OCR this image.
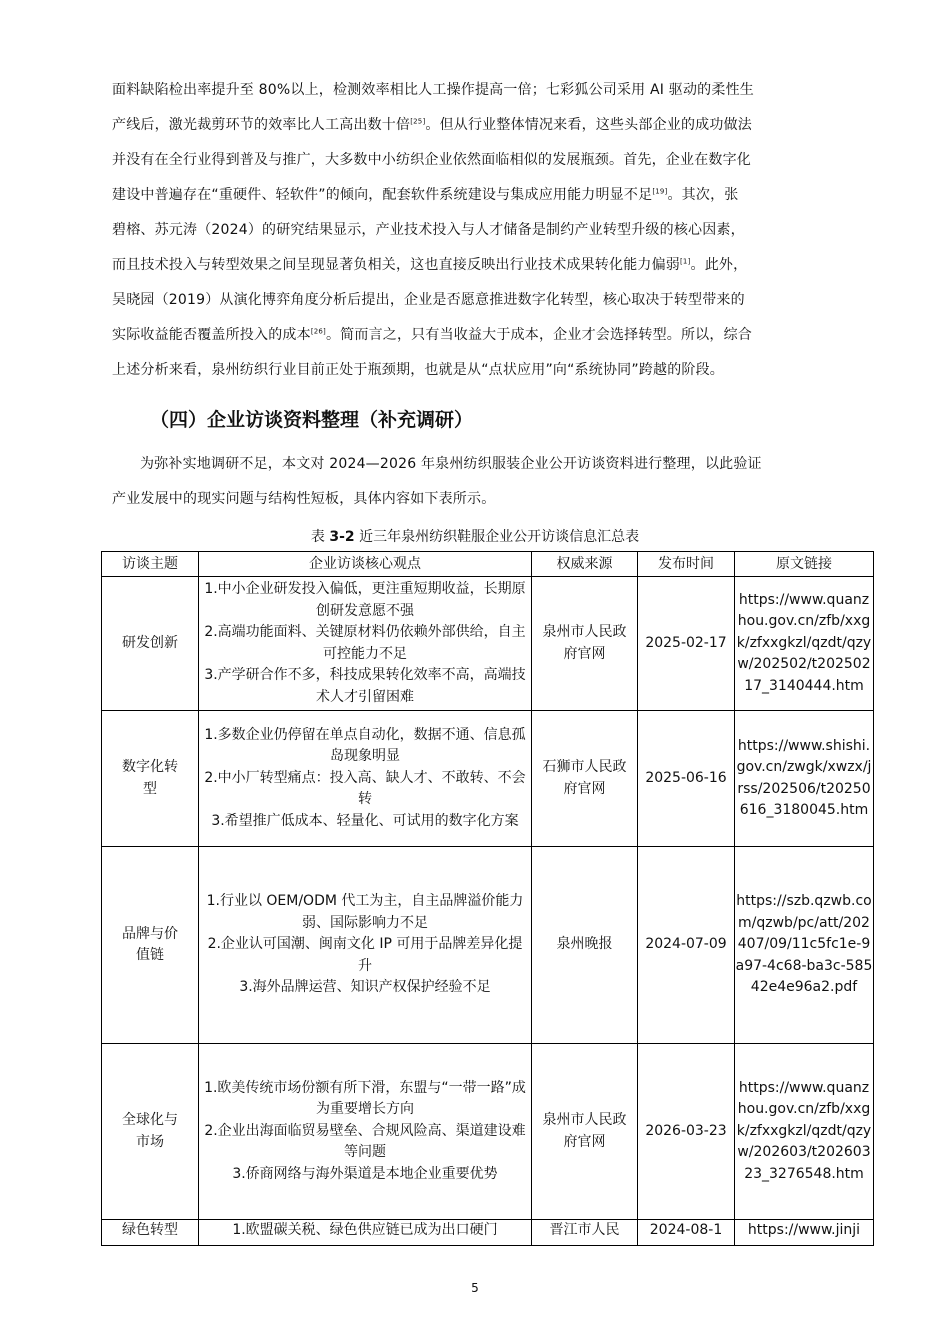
面料缺陷检出率提升至 80%以上，检测效率相比人工操作提高一倍；七彩狐公司采用 AI 驱动的柔性生
产线后，激光裁剪环节的效率比人工高出数十倍[25]。但从行业整体情况来看，这些头部企业的成功做法
并没有在全行业得到普及与推广，大多数中小纺织企业依然面临相似的发展瓶颈。首先，企业在数字化
建设中普遍存在“重硬件、轻软件”的倾向，配套软件系统建设与集成应用能力明显不足[19]。其次，张
碧榕、苏元涛（2024）的研究结果显示，产业技术投入与人才储备是制约产业转型升级的核心因素，
而且技术投入与转型效果之间呈现显著负相关，这也直接反映出行业技术成果转化能力偏弱[1]。此外，
吴晓园（2019）从演化博弈角度分析后提出，企业是否愿意推进数字化转型，核心取决于转型带来的
实际收益能否覆盖所投入的成本[26]。简而言之，只有当收益大于成本，企业才会选择转型。所以，综合
上述分析来看，泉州纺织行业目前正处于瓶颈期，也就是从“点状应用”向“系统协同”跨越的阶段。
（四）企业访谈资料整理（补充调研）
为弥补实地调研不足，本文对 2024—2026 年泉州纺织服装企业公开访谈资料进行整理，以此验证
产业发展中的现实问题与结构性短板，具体内容如下表所示。
表 3-2 近三年泉州纺织鞋服企业公开访谈信息汇总表
访谈主题	企业访谈核心观点	权威来源	发布时间	原文链接
研发创新	1.中小企业研发投入偏低，更注重短期收益，长期原创研发意愿不强
2.高端功能面料、关键原材料仍依赖外部供给，自主可控能力不足
3.产学研合作不多，科技成果转化效率不高，高端技术人才引留困难	泉州市人民政府官网	2025-02-17	https://www.quanzhou.gov.cn/zfb/xxgk/zfxxgkzl/qzdt/qzyw/202502/t20250217_3140444.htm
数字化转型	1.多数企业仍停留在单点自动化，数据不通、信息孤岛现象明显
2.中小厂转型痛点：投入高、缺人才、不敢转、不会转
3.希望推广低成本、轻量化、可试用的数字化方案	石狮市人民政府官网	2025-06-16	https://www.shishi.gov.cn/zwgk/xwzx/jrss/202506/t20250616_3180045.htm
品牌与价值链	1.行业以 OEM/ODM 代工为主，自主品牌溢价能力弱、国际影响力不足
2.企业认可国潮、闽南文化 IP 可用于品牌差异化提升
3.海外品牌运营、知识产权保护经验不足	泉州晚报	2024-07-09	https://szb.qzwb.com/qzwb/pc/att/202407/09/11c5fc1e-9a97-4c68-ba3c-58542e4e96a2.pdf
全球化与市场	1.欧美传统市场份额有所下滑，东盟与“一带一路”成为重要增长方向
2.企业出海面临贸易壁垒、合规风险高、渠道建设难等问题
3.侨商网络与海外渠道是本地企业重要优势	泉州市人民政府官网	2026-03-23	https://www.quanzhou.gov.cn/zfb/xxgk/zfxxgkzl/qzdt/qzyw/202603/t20260323_3276548.htm
绿色转型	1.欧盟碳关税、绿色供应链已成为出口硬门	晋江市人民	2024-08-1	https://www.jinji
5
